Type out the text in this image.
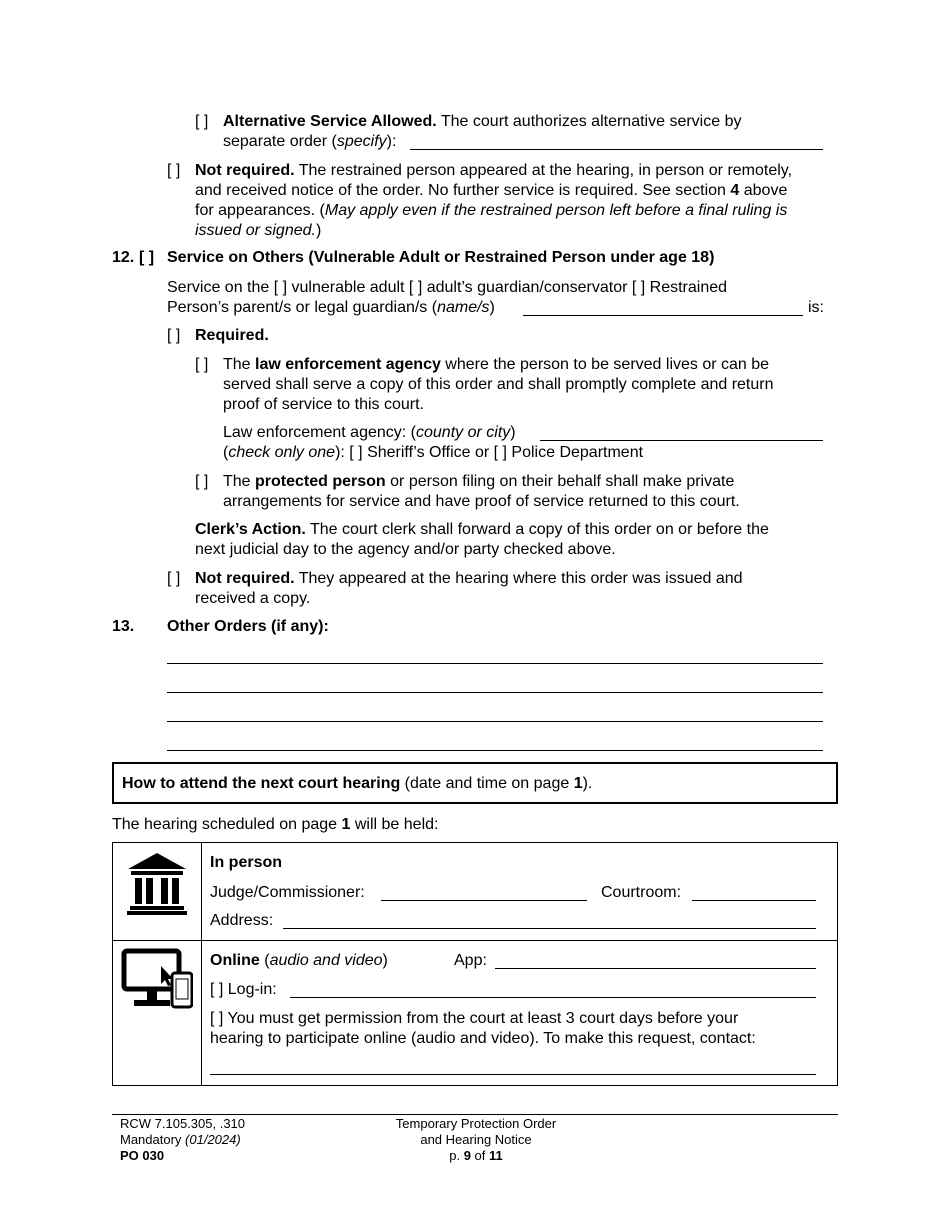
[ ] Alternative Service Allowed. The court authorizes alternative service by
separate order (specify):
[ ] Not required. The restrained person appeared at the hearing, in person or remotely,
and received notice of the order. No further service is required. See section 4 above
for appearances. (May apply even if the restrained person left before a final ruling is
issued or signed.)
12. [ ] Service on Others (Vulnerable Adult or Restrained Person under age 18)
Service on the [ ] vulnerable adult [ ] adult’s guardian/conservator [ ] Restrained
Person’s parent/s or legal guardian/s (name/s)	is:
[ ] Required.
[ ] The law enforcement agency where the person to be served lives or can be
served shall serve a copy of this order and shall promptly complete and return
proof of service to this court.
Law enforcement agency: (county or city)
(check only one): [ ] Sheriff’s Office or [ ] Police Department
[ ] The protected person or person filing on their behalf shall make private
arrangements for service and have proof of service returned to this court.
Clerk’s Action. The court clerk shall forward a copy of this order on or before the
next judicial day to the agency and/or party checked above.
[ ] Not required. They appeared at the hearing where this order was issued and
received a copy.
13. Other Orders (if any):
How to attend the next court hearing (date and time on page 1).
The hearing scheduled on page 1 will be held:
In person
Judge/Commissioner:	Courtroom:
Address:
Online (audio and video)	App:
[ ] Log-in:
[ ] You must get permission from the court at least 3 court days before your
hearing to participate online (audio and video). To make this request, contact:
RCW 7.105.305, .310
Mandatory (01/2024)
PO 030
Temporary Protection Order
and Hearing Notice
p. 9 of 11
